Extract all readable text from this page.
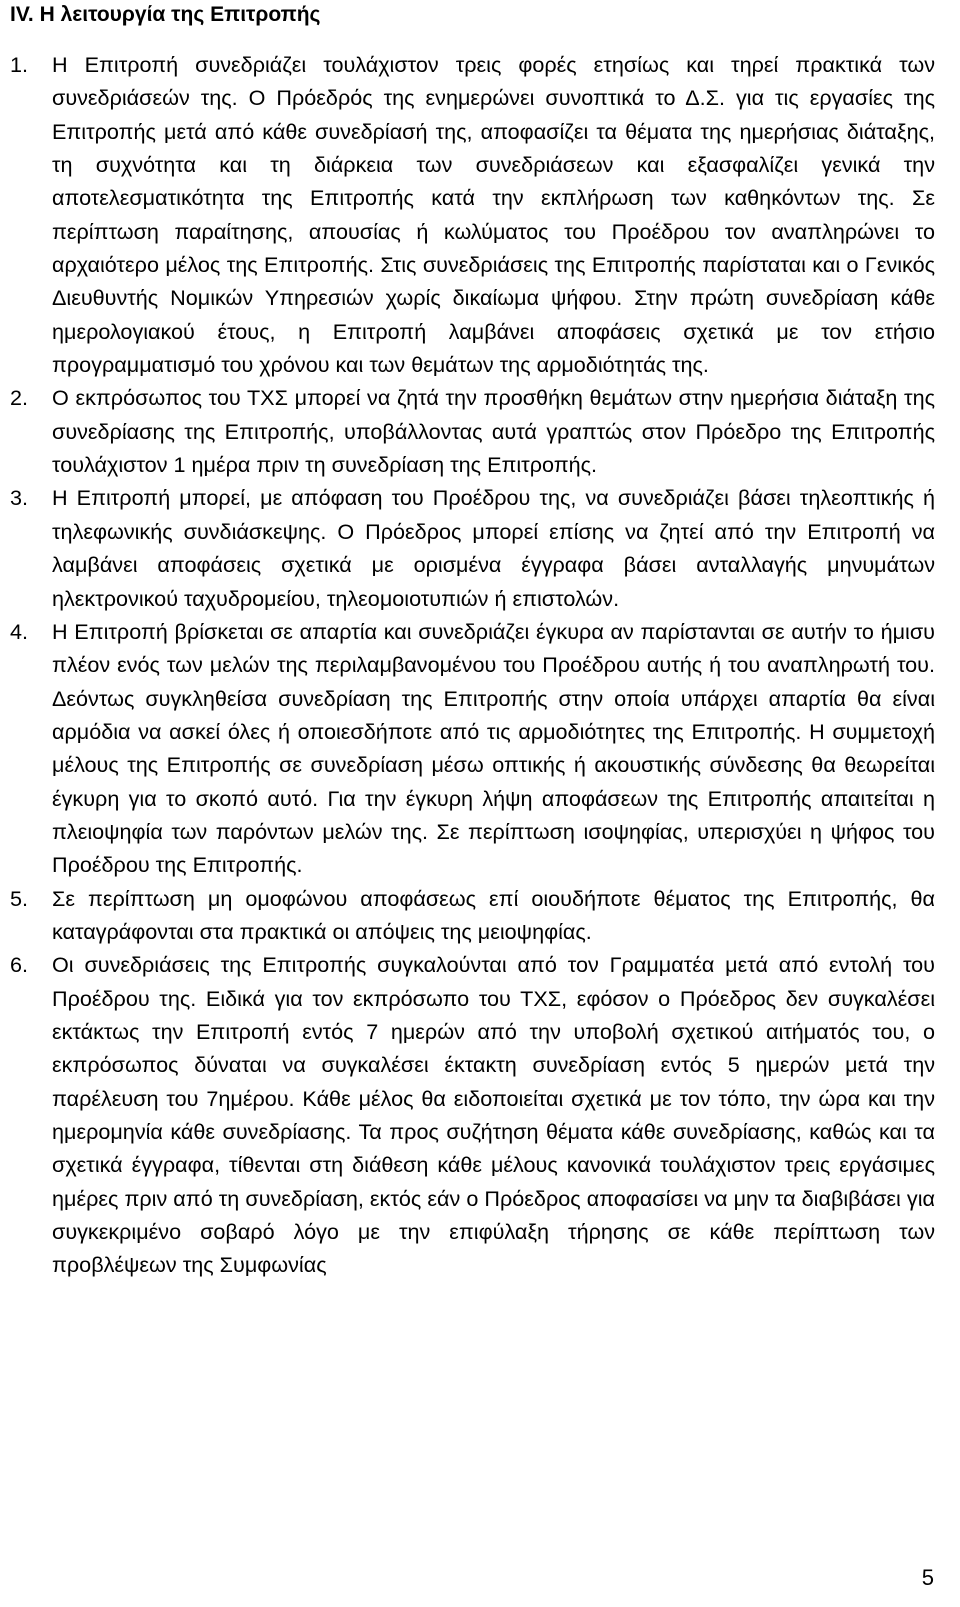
IV. Η λειτουργία της Επιτροπής
1. Η Επιτροπή συνεδριάζει τουλάχιστον τρεις φορές ετησίως και τηρεί πρακτικά των συνεδριάσεών της. Ο Πρόεδρός της ενημερώνει συνοπτικά το Δ.Σ. για τις εργασίες της Επιτροπής μετά από κάθε συνεδρίασή της, αποφασίζει τα θέματα της ημερήσιας διάταξης, τη συχνότητα και τη διάρκεια των συνεδριάσεων και εξασφαλίζει γενικά την αποτελεσματικότητα της Επιτροπής κατά την εκπλήρωση των καθηκόντων της. Σε περίπτωση παραίτησης, απουσίας ή κωλύματος του Προέδρου τον αναπληρώνει το αρχαιότερο μέλος της Επιτροπής. Στις συνεδριάσεις της Επιτροπής παρίσταται και ο Γενικός Διευθυντής Νομικών Υπηρεσιών χωρίς δικαίωμα ψήφου. Στην πρώτη συνεδρίαση κάθε ημερολογιακού έτους, η Επιτροπή λαμβάνει αποφάσεις σχετικά με τον ετήσιο προγραμματισμό του χρόνου και των θεμάτων της αρμοδιότητάς της.
2. Ο εκπρόσωπος του ΤΧΣ μπορεί να ζητά την προσθήκη θεμάτων στην ημερήσια διάταξη της συνεδρίασης της Επιτροπής, υποβάλλοντας αυτά γραπτώς στον Πρόεδρο της Επιτροπής τουλάχιστον 1 ημέρα πριν τη συνεδρίαση της Επιτροπής.
3. Η Επιτροπή μπορεί, με απόφαση του Προέδρου της, να συνεδριάζει βάσει τηλεοπτικής ή τηλεφωνικής συνδιάσκεψης. Ο Πρόεδρος μπορεί επίσης να ζητεί από την Επιτροπή να λαμβάνει αποφάσεις σχετικά με ορισμένα έγγραφα βάσει ανταλλαγής μηνυμάτων ηλεκτρονικού ταχυδρομείου, τηλεομοιοτυπιών ή επιστολών.
4. Η Επιτροπή βρίσκεται σε απαρτία και συνεδριάζει έγκυρα αν παρίστανται σε αυτήν το ήμισυ πλέον ενός των μελών της περιλαμβανομένου του Προέδρου αυτής ή του αναπληρωτή του. Δεόντως συγκληθείσα συνεδρίαση της Επιτροπής στην οποία υπάρχει απαρτία θα είναι αρμόδια να ασκεί όλες ή οποιεσδήποτε από τις αρμοδιότητες της Επιτροπής. Η συμμετοχή μέλους της Επιτροπής σε συνεδρίαση μέσω οπτικής ή ακουστικής σύνδεσης θα θεωρείται έγκυρη για το σκοπό αυτό. Για την έγκυρη λήψη αποφάσεων της Επιτροπής απαιτείται η πλειοψηφία των παρόντων μελών της. Σε περίπτωση ισοψηφίας, υπερισχύει η ψήφος του Προέδρου της Επιτροπής.
5. Σε περίπτωση μη ομοφώνου αποφάσεως επί οιουδήποτε θέματος της Επιτροπής, θα καταγράφονται στα πρακτικά οι απόψεις της μειοψηφίας.
6. Οι συνεδριάσεις της Επιτροπής συγκαλούνται από τον Γραμματέα μετά από εντολή του Προέδρου της. Ειδικά για τον εκπρόσωπο του ΤΧΣ, εφόσον ο Πρόεδρος δεν συγκαλέσει εκτάκτως την Επιτροπή εντός 7 ημερών από την υποβολή σχετικού αιτήματός του, ο εκπρόσωπος δύναται να συγκαλέσει έκτακτη συνεδρίαση εντός 5 ημερών μετά την παρέλευση του 7ημέρου. Κάθε μέλος θα ειδοποιείται σχετικά με τον τόπο, την ώρα και την ημερομηνία κάθε συνεδρίασης. Τα προς συζήτηση θέματα κάθε συνεδρίασης, καθώς και τα σχετικά έγγραφα, τίθενται στη διάθεση κάθε μέλους κανονικά τουλάχιστον τρεις εργάσιμες ημέρες πριν από τη συνεδρίαση, εκτός εάν ο Πρόεδρος αποφασίσει να μην τα διαβιβάσει για συγκεκριμένο σοβαρό λόγο με την επιφύλαξη τήρησης σε κάθε περίπτωση των προβλέψεων της Συμφωνίας
5
